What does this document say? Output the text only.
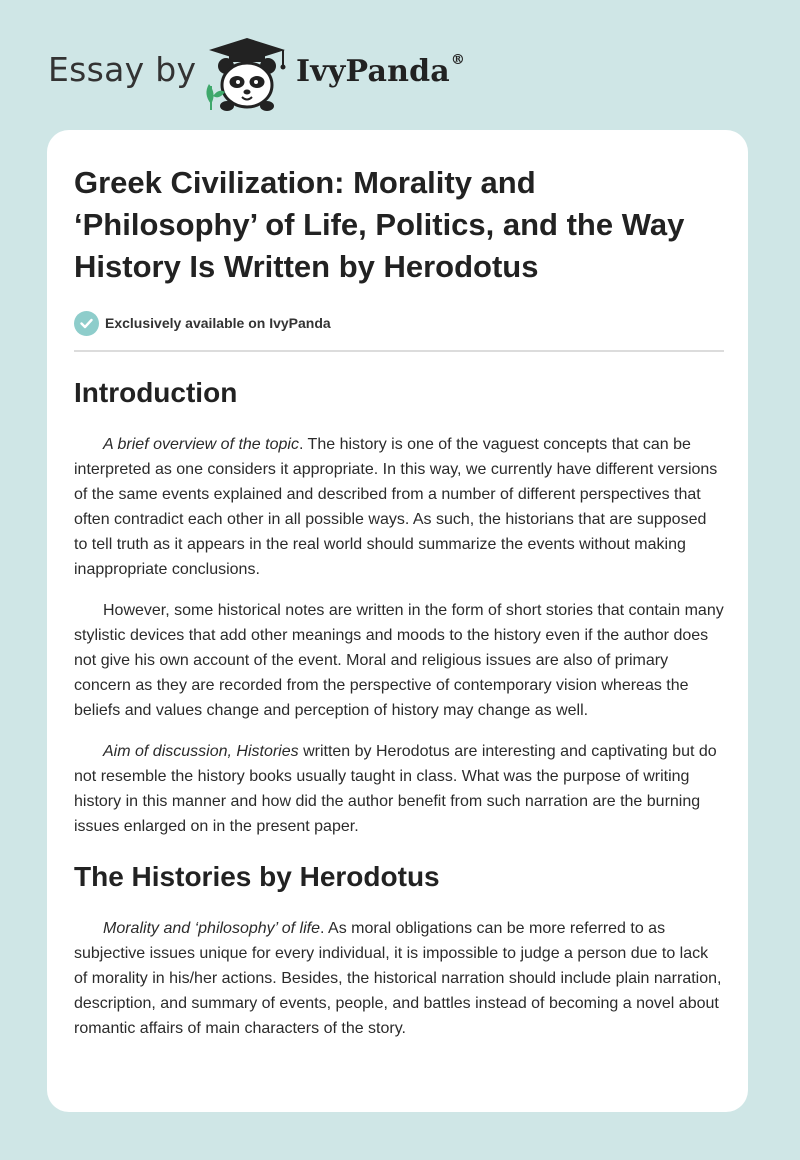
Essay by	IvyPanda®
Greek Civilization: Morality and ‘Philosophy’ of Life, Politics, and the Way History Is Written by Herodotus
Exclusively available on IvyPanda
Introduction

A brief overview of the topic. The history is one of the vaguest concepts that can be interpreted as one considers it appropriate. In this way, we currently have different versions of the same events explained and described from a number of different perspectives that often contradict each other in all possible ways. As such, the historians that are supposed to tell truth as it appears in the real world should summarize the events without making inappropriate conclusions.

However, some historical notes are written in the form of short stories that contain many stylistic devices that add other meanings and moods to the history even if the author does not give his own account of the event. Moral and religious issues are also of primary concern as they are recorded from the perspective of contemporary vision whereas the beliefs and values change and perception of history may change as well.

Aim of discussion, Histories written by Herodotus are interesting and captivating but do not resemble the history books usually taught in class. What was the purpose of writing history in this manner and how did the author benefit from such narration are the burning issues enlarged on in the present paper.

The Histories by Herodotus

Morality and ‘philosophy’ of life. As moral obligations can be more referred to as subjective issues unique for every individual, it is impossible to judge a person due to lack of morality in his/her actions. Besides, the historical narration should include plain narration, description, and summary of events, people, and battles instead of becoming a novel about romantic affairs of main characters of the story.
